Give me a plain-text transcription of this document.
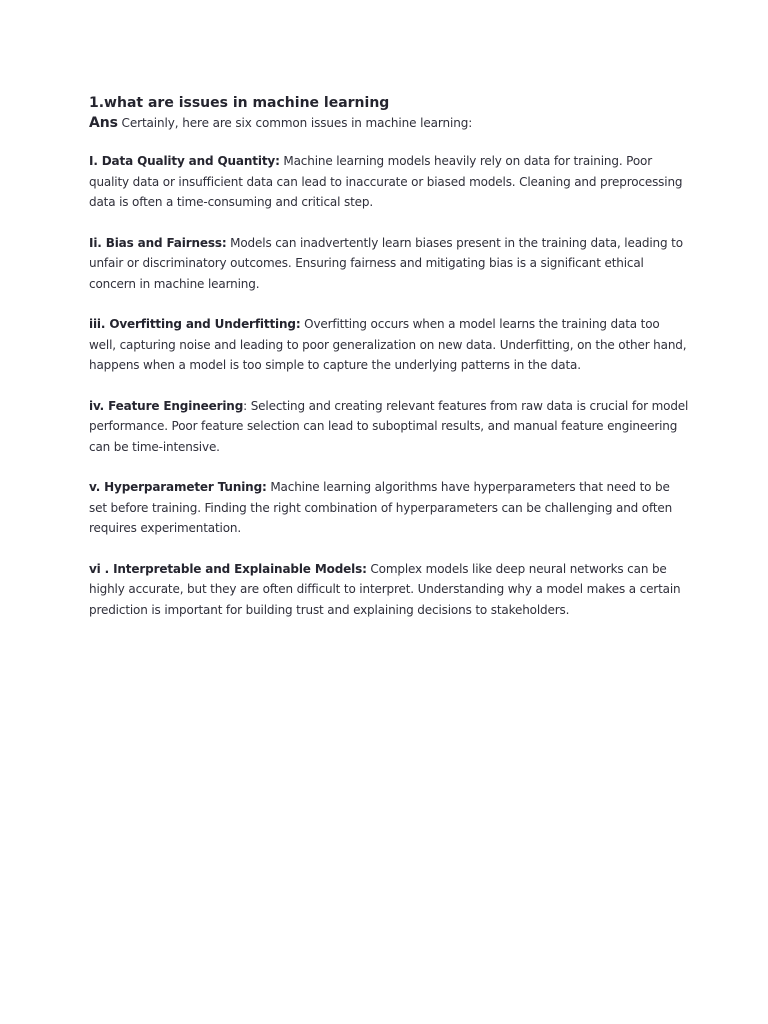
1.what are issues in machine learning

Ans Certainly, here are six common issues in machine learning:

I. Data Quality and Quantity: Machine learning models heavily rely on data for training. Poor quality data or insufficient data can lead to inaccurate or biased models. Cleaning and preprocessing data is often a time-consuming and critical step.

Ii. Bias and Fairness: Models can inadvertently learn biases present in the training data, leading to unfair or discriminatory outcomes. Ensuring fairness and mitigating bias is a significant ethical concern in machine learning.

iii. Overfitting and Underfitting: Overfitting occurs when a model learns the training data too well, capturing noise and leading to poor generalization on new data. Underfitting, on the other hand, happens when a model is too simple to capture the underlying patterns in the data.

iv. Feature Engineering: Selecting and creating relevant features from raw data is crucial for model performance. Poor feature selection can lead to suboptimal results, and manual feature engineering can be time-intensive.

v. Hyperparameter Tuning: Machine learning algorithms have hyperparameters that need to be set before training. Finding the right combination of hyperparameters can be challenging and often requires experimentation.

vi . Interpretable and Explainable Models: Complex models like deep neural networks can be highly accurate, but they are often difficult to interpret. Understanding why a model makes a certain prediction is important for building trust and explaining decisions to stakeholders.
